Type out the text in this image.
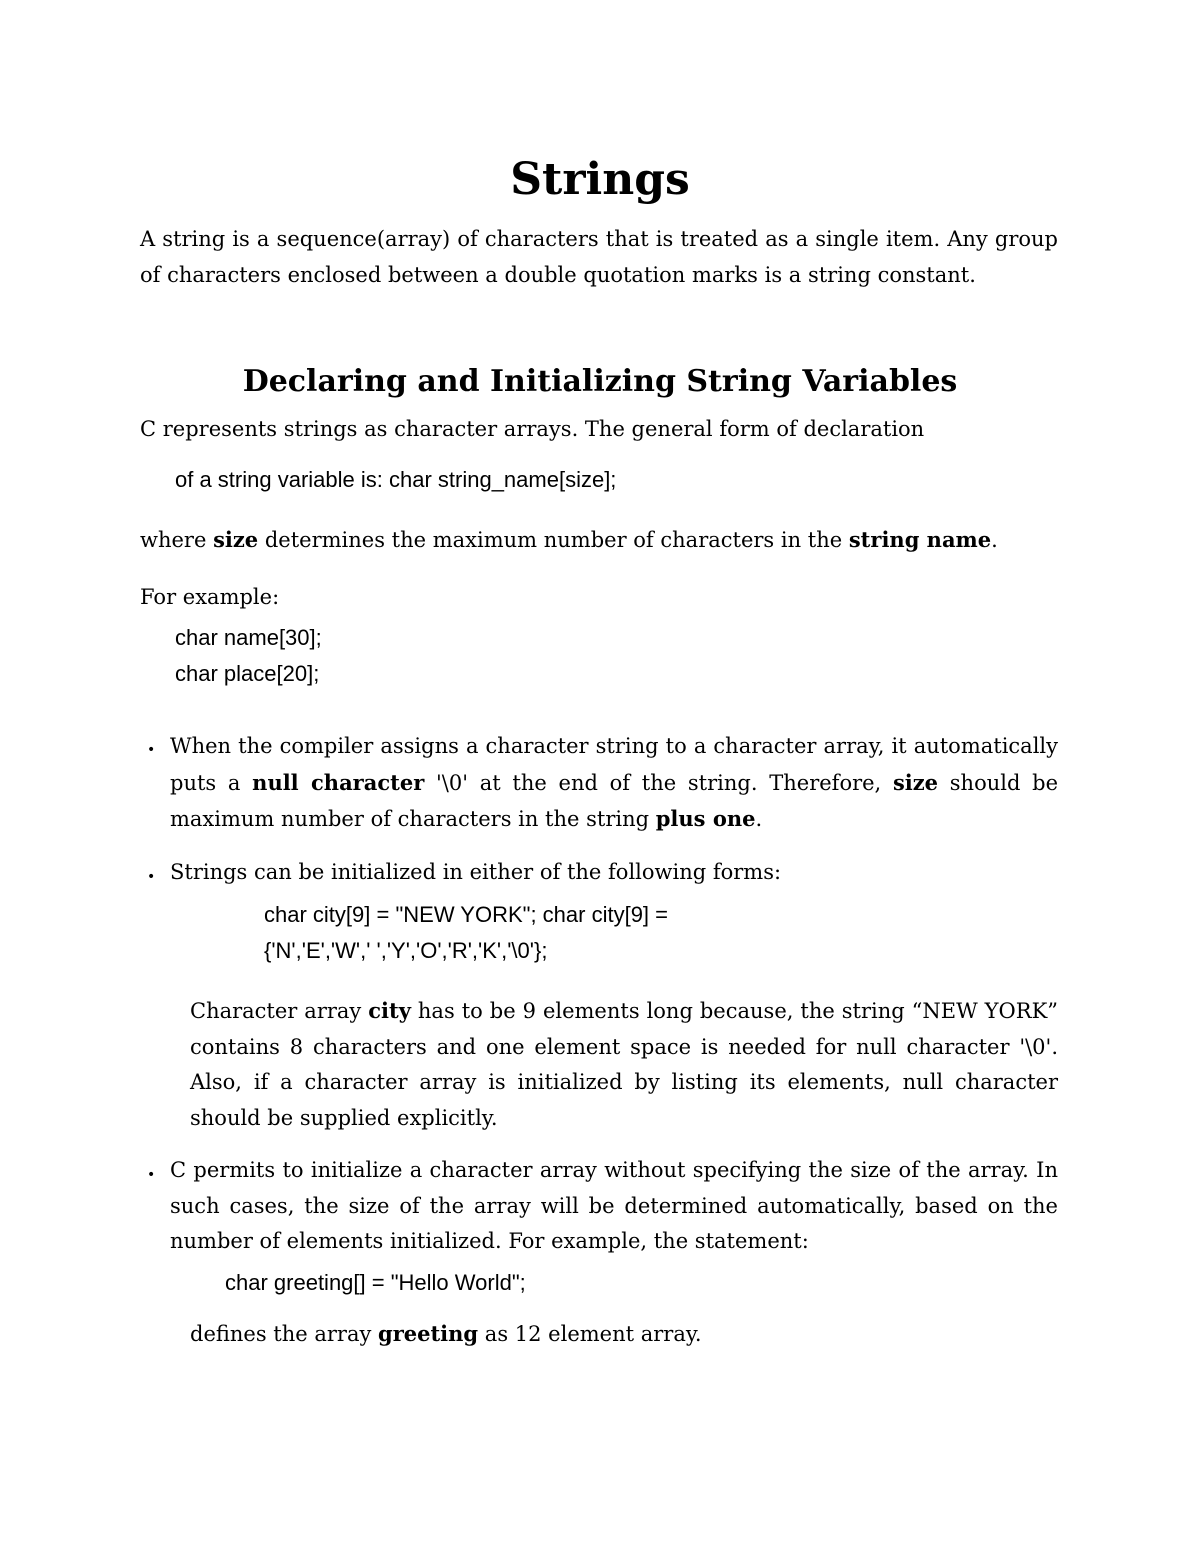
Strings
A string is a sequence(array) of characters that is treated as a single item. Any group of characters enclosed between a double quotation marks is a string constant.
Declaring and Initializing String Variables
C represents strings as character arrays. The general form of declaration
of a string variable is: char string_name[size];
where size determines the maximum number of characters in the string name.
For example:
char name[30];
char place[20];
• When the compiler assigns a character string to a character array, it automatically puts a null character '\0' at the end of the string. Therefore, size should be maximum number of characters in the string plus one.
• Strings can be initialized in either of the following forms:
char city[9] = "NEW YORK"; char city[9] =
{'N','E','W',' ','Y','O','R','K','\0'};
Character array city has to be 9 elements long because, the string “NEW YORK” contains 8 characters and one element space is needed for null character '\0'. Also, if a character array is initialized by listing its elements, null character should be supplied explicitly.
• C permits to initialize a character array without specifying the size of the array. In such cases, the size of the array will be determined automatically, based on the number of elements initialized. For example, the statement:
char greeting[] = "Hello World";
defines the array greeting as 12 element array.
